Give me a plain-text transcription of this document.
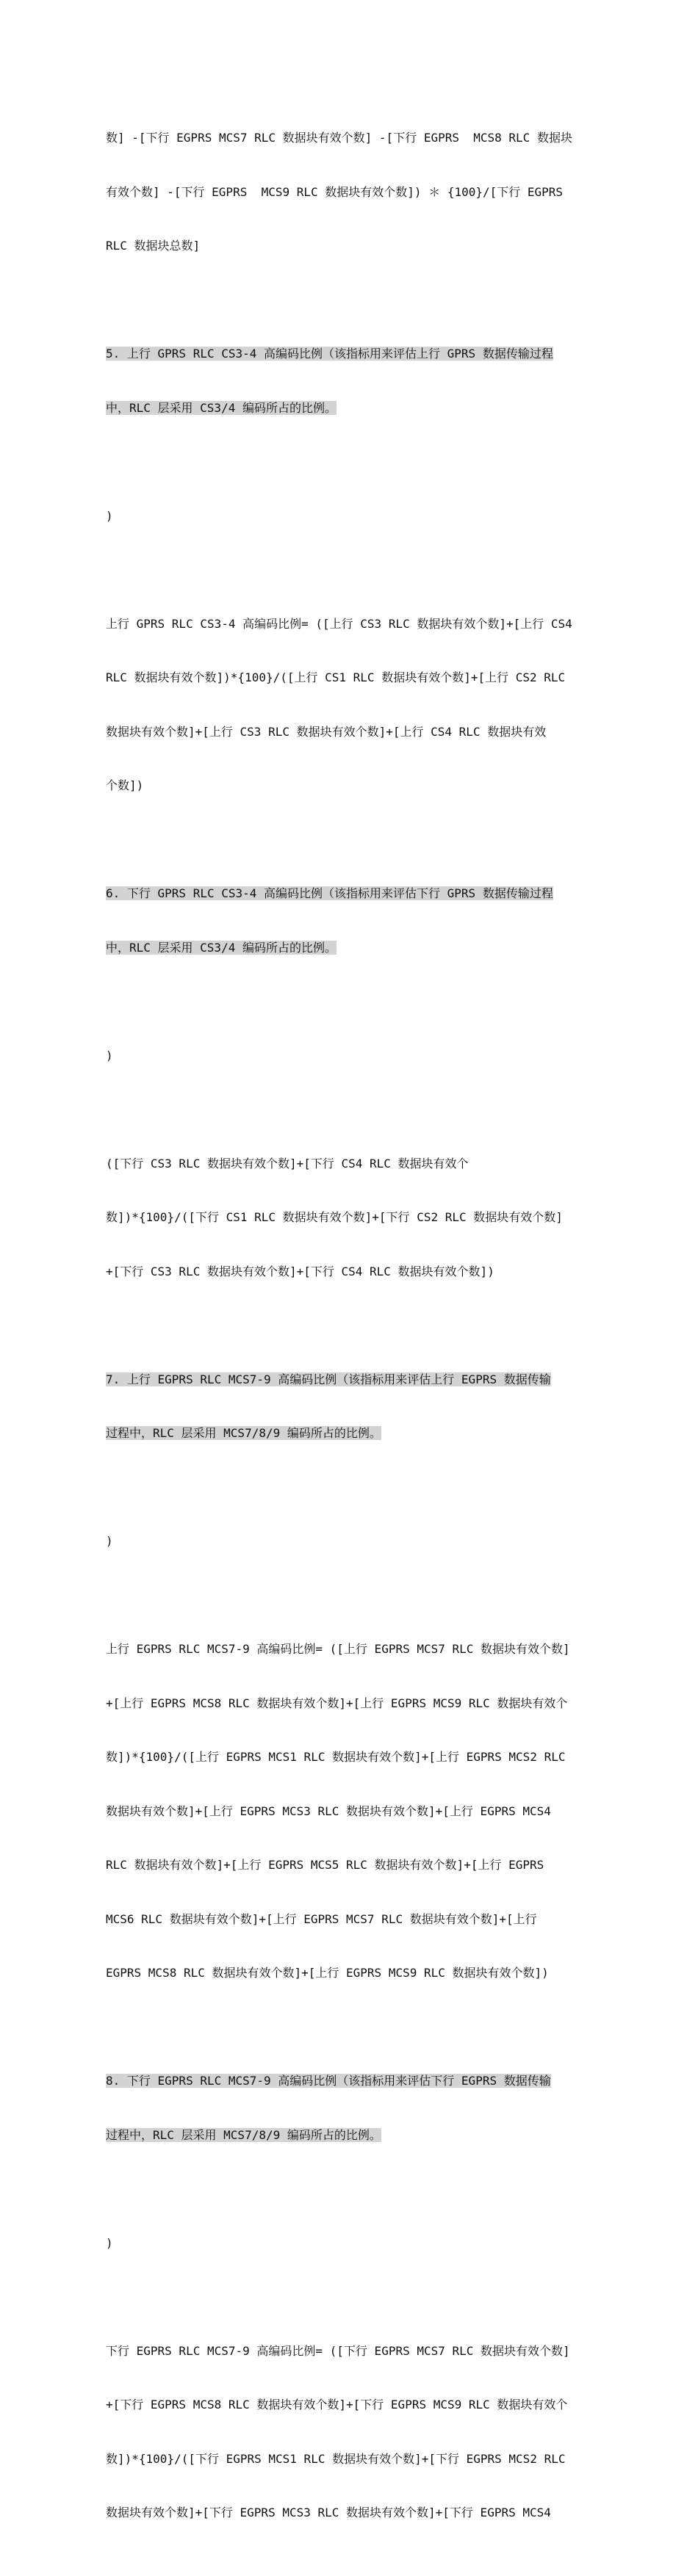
数] -[下行 EGPRS MCS7 RLC 数据块有效个数] -[下行 EGPRS  MCS8 RLC 数据块

有效个数] -[下行 EGPRS  MCS9 RLC 数据块有效个数]) ＊ {100}/[下行 EGPRS

RLC 数据块总数]

5. 上行 GPRS RLC CS3-4 高编码比例（该指标用来评估上行 GPRS 数据传输过程

中，RLC 层采用 CS3/4 编码所占的比例。

)

上行 GPRS RLC CS3-4 高编码比例= ([上行 CS3 RLC 数据块有效个数]+[上行 CS4

RLC 数据块有效个数])*{100}/([上行 CS1 RLC 数据块有效个数]+[上行 CS2 RLC

数据块有效个数]+[上行 CS3 RLC 数据块有效个数]+[上行 CS4 RLC 数据块有效

个数])

6. 下行 GPRS RLC CS3-4 高编码比例（该指标用来评估下行 GPRS 数据传输过程

中，RLC 层采用 CS3/4 编码所占的比例。

)

([下行 CS3 RLC 数据块有效个数]+[下行 CS4 RLC 数据块有效个

数])*{100}/([下行 CS1 RLC 数据块有效个数]+[下行 CS2 RLC 数据块有效个数]

+[下行 CS3 RLC 数据块有效个数]+[下行 CS4 RLC 数据块有效个数])

7. 上行 EGPRS RLC MCS7-9 高编码比例（该指标用来评估上行 EGPRS 数据传输

过程中，RLC 层采用 MCS7/8/9 编码所占的比例。

)

上行 EGPRS RLC MCS7-9 高编码比例= ([上行 EGPRS MCS7 RLC 数据块有效个数]

+[上行 EGPRS MCS8 RLC 数据块有效个数]+[上行 EGPRS MCS9 RLC 数据块有效个

数])*{100}/([上行 EGPRS MCS1 RLC 数据块有效个数]+[上行 EGPRS MCS2 RLC

数据块有效个数]+[上行 EGPRS MCS3 RLC 数据块有效个数]+[上行 EGPRS MCS4

RLC 数据块有效个数]+[上行 EGPRS MCS5 RLC 数据块有效个数]+[上行 EGPRS

MCS6 RLC 数据块有效个数]+[上行 EGPRS MCS7 RLC 数据块有效个数]+[上行

EGPRS MCS8 RLC 数据块有效个数]+[上行 EGPRS MCS9 RLC 数据块有效个数])

8. 下行 EGPRS RLC MCS7-9 高编码比例（该指标用来评估下行 EGPRS 数据传输

过程中，RLC 层采用 MCS7/8/9 编码所占的比例。

)

下行 EGPRS RLC MCS7-9 高编码比例= ([下行 EGPRS MCS7 RLC 数据块有效个数]

+[下行 EGPRS MCS8 RLC 数据块有效个数]+[下行 EGPRS MCS9 RLC 数据块有效个

数])*{100}/([下行 EGPRS MCS1 RLC 数据块有效个数]+[下行 EGPRS MCS2 RLC

数据块有效个数]+[下行 EGPRS MCS3 RLC 数据块有效个数]+[下行 EGPRS MCS4
